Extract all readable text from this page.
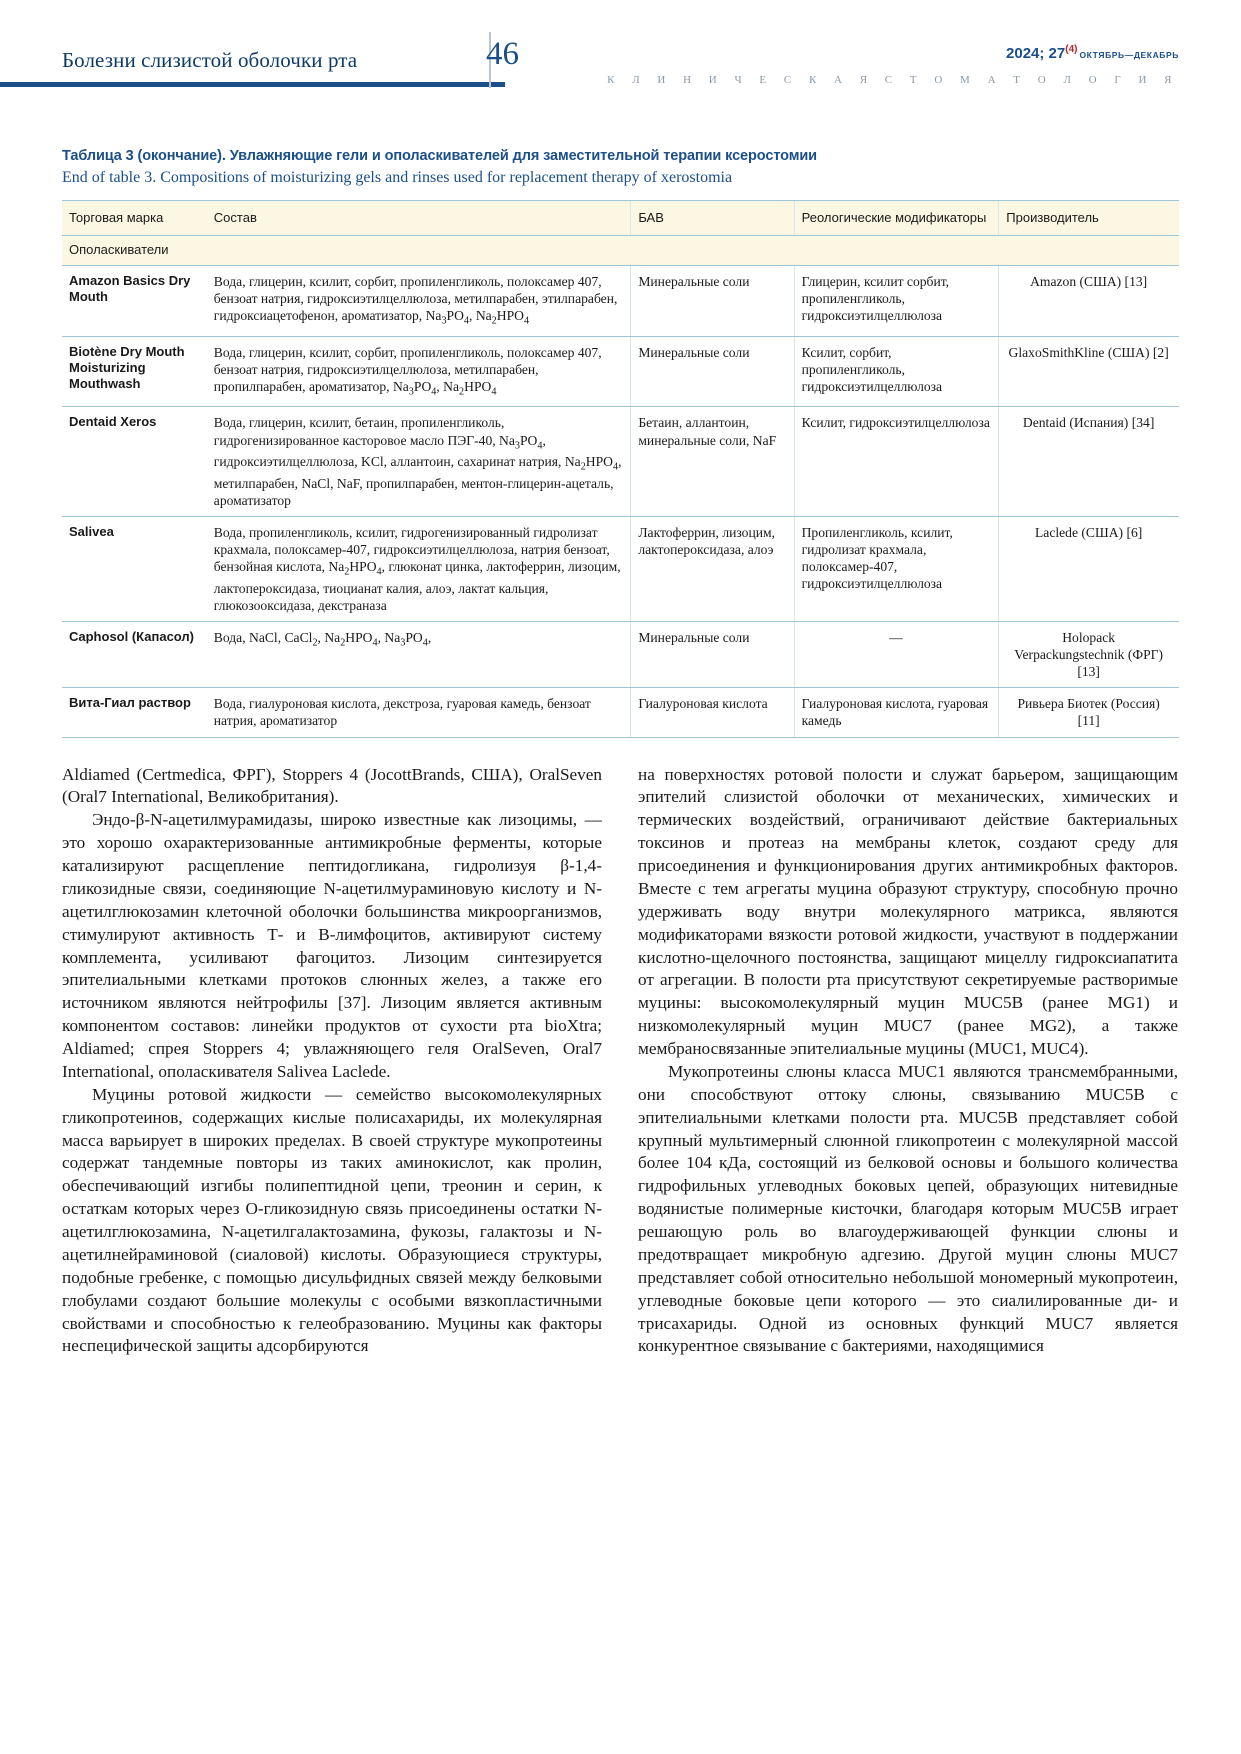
Болезни слизистой оболочки рта	46	2024; 27$^{(4)}$ ОКТЯБРЬ—ДЕКАБРЬ
К Л И Н И Ч Е С К А Я С Т О М А Т О Л О Г И Я
Таблица 3 (окончание). Увлажняющие гели и ополаскивателей для заместительной терапии ксеростомии
End of table 3. Compositions of moisturizing gels and rinses used for replacement therapy of xerostomia
Торговая марка	Состав	БАВ	Реологические модификаторы	Производитель
Ополаскиватели				
Amazon Basics Dry Mouth	Вода, глицерин, ксилит, сорбит, пропиленгликоль, полоксамер 407, бензоат натрия, гидроксиэтилцеллюлоза, метилпарабен, этилпарабен, гидроксиацетофенон, ароматизатор, $Na_3PO_4$, $Na_2HPO_4$	Минеральные соли	Глицерин, ксилит сорбит, пропиленгликоль, гидроксиэтилцеллюлоза	Amazon (США) [13]
Biotène Dry Mouth Moisturizing Mouthwash	Вода, глицерин, ксилит, сорбит, пропиленгликоль, полоксамер 407, бензоат натрия, гидроксиэтилцеллюлоза, метилпарабен, пропилпарабен, ароматизатор, $Na_3PO_4$, $Na_2HPO_4$	Минеральные соли	Ксилит, сорбит, пропиленгликоль, гидроксиэтилцеллюлоза	GlaxoSmithKline (США) [2]
Dentaid Xeros	Вода, глицерин, ксилит, бетаин, пропиленгликоль, гидрогенизированное касторовое масло ПЭГ-40, $Na_3PO_4$, гидроксиэтилцеллюлоза, KCl, аллантоин, сахаринат натрия, $Na_2HPO_4$, метилпарабен, NaCl, NaF, пропилпарабен, ментон-глицерин-ацеталь, ароматизатор	Бетаин, аллантоин, минеральные соли, NaF	Ксилит, гидроксиэтилцеллюлоза	Dentaid (Испания) [34]
Salivea	Вода, пропиленгликоль, ксилит, гидрогенизированный гидролизат крахмала, полокcамер-407, гидроксиэтилцеллюлоза, натрия бензоат, бензойная кислота, $Na_2HPO_4$, глюконат цинка, лактоферрин, лизоцим, лактопероксидаза, тиоцианат калия, алоэ, лактат кальция, глюкозооксидаза, декстраназа	Лактоферрин, лизоцим, лактопероксидаза, алоэ	Пропиленгликоль, ксилит, гидролизат крахмала, полоксамер-407, гидроксиэтилцеллюлоза	Laclede (США) [6]
Caphosol (Капасол)	Вода, NaCl, CaCl$_2$, $Na_2HPO_4$, $Na_3PO_4$,	Минеральные соли	—	Holopack Verpackungstechnik (ФРГ) [13]
Вита-Гиал раствор	Вода, гиалуроновая кислота, декстроза, гуаровая камедь, бензоат натрия, ароматизатор	Гиалуроновая кислота	Гиалуроновая кислота, гуаровая камедь	Ривьера Биотек (Россия) [11]

Aldiamed (Certmedica, ФРГ), Stoppers 4 (JocottBrands, США), OralSeven (Oral7 International, Великобритания).

Эндо-β-N-ацетилмурамидазы, широко известные как лизоцимы, — это хорошо охарактеризованные антимикробные ферменты, которые катализируют расщепление пептидогликана, гидролизуя β-1,4-гликозидные связи, соединяющие N-ацетилмураминовую кислоту и N-ацетилглюкозамин клеточной оболочки большинства микроорганизмов, стимулируют активность Т- и В-лимфоцитов, активируют систему комплемента, усиливают фагоцитоз. Лизоцим синтезируется эпителиальными клетками протоков слюнных желез, а также его источником являются нейтрофилы [37]. Лизоцим является активным компонентом составов: линейки продуктов от сухости рта bioXtra; Aldiamed; спрея Stoppers 4; увлажняющего геля OralSeven, Oral7 International, ополаскивателя Salivea Laclede.

Муцины ротовой жидкости — семейство высокомолекулярных гликопротеинов, содержащих кислые полисахариды, их молекулярная масса варьирует в широких пределах. В своей структуре мукопротеины содержат тандемные повторы из таких аминокислот, как пролин, обеспечивающий изгибы полипептидной цепи, треонин и серин, к остаткам которых через О-гликозидную связь присоединены остатки N-ацетилглюкозамина, N-ацетилгалактозамина, фукозы, галактозы и N-ацетилнейраминовой (сиаловой) кислоты. Образующиеся структуры, подобные гребенке, с помощью дисульфидных связей между белковыми глобулами создают большие молекулы с особыми вязкопластичными свойствами и способностью к гелеобразованию. Муцины как факторы неспецифической защиты адсорбируются

на поверхностях ротовой полости и служат барьером, защищающим эпителий слизистой оболочки от механических, химических и термических воздействий, ограничивают действие бактериальных токсинов и протеаз на мембраны клеток, создают среду для присоединения и функционирования других антимикробных факторов. Вместе с тем агрегаты муцина образуют структуру, способную прочно удерживать воду внутри молекулярного матрикса, являются модификаторами вязкости ротовой жидкости, участвуют в поддержании кислотно-щелочного постоянства, защищают мицеллу гидроксиапатита от агрегации. В полости рта присутствуют секретируемые растворимые муцины: высокомолекулярный муцин MUC5B (ранее MG1) и низкомолекулярный муцин MUC7 (ранее MG2), а также мембраносвязанные эпителиальные муцины (MUC1, MUC4).

Мукопротеины слюны класса MUC1 являются трансмембранными, они способствуют оттоку слюны, связыванию MUC5B с эпителиальными клетками полости рта. MUC5B представляет собой крупный мультимерный слюнной гликопротеин с молекулярной массой более 104 кДа, состоящий из белковой основы и большого количества гидрофильных углеводных боковых цепей, образующих нитевидные водянистые полимерные кисточки, благодаря которым MUC5B играет решающую роль во влагоудерживающей функции слюны и предотвращает микробную адгезию. Другой муцин слюны MUC7 представляет собой относительно небольшой мономерный мукопротеин, углеводные боковые цепи которого — это сиалилированные ди- и трисахариды. Одной из основных функций MUC7 является конкурентное связывание с бактериями, находящимися
